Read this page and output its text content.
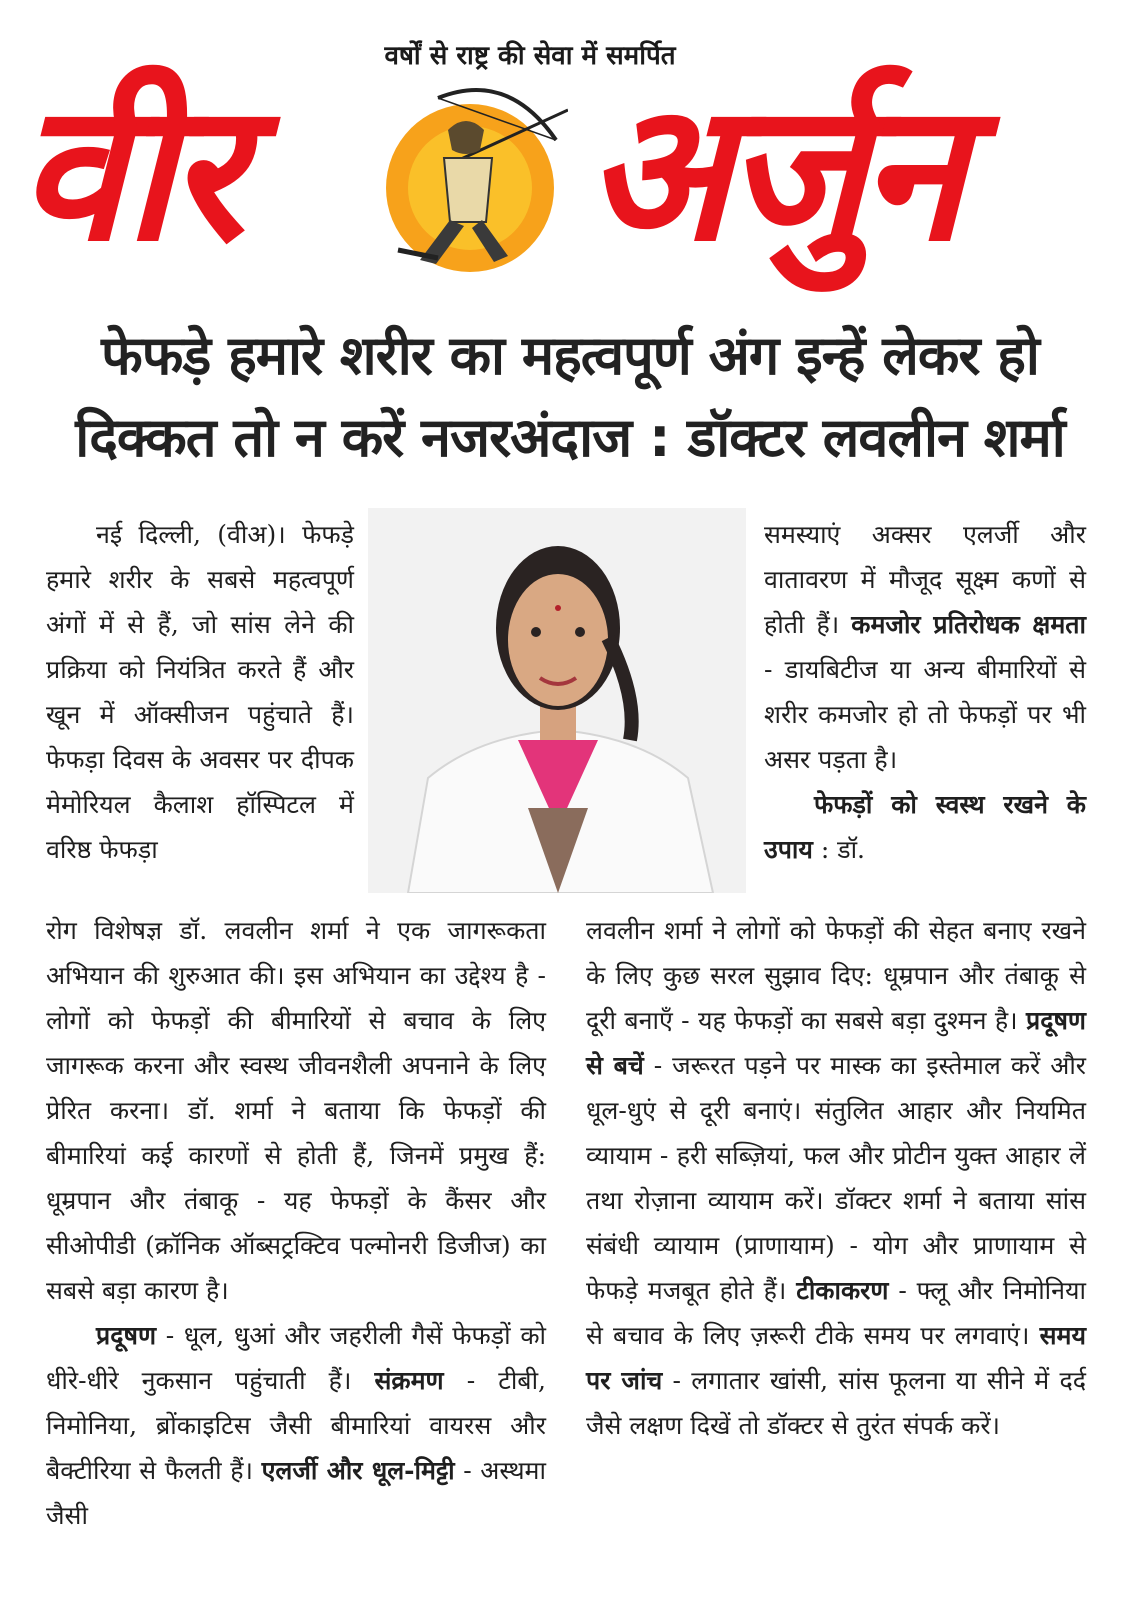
वर्षों से राष्ट्र की सेवा में समर्पित
वीर अर्जुन
फेफड़े हमारे शरीर का महत्वपूर्ण अंग इन्हें लेकर हो
दिक्कत तो न करें नजरअंदाज : डॉक्टर लवलीन शर्मा

नई दिल्ली, (वीअ)। फेफड़े हमारे शरीर के सबसे महत्वपूर्ण अंगों में से हैं, जो सांस लेने की प्रक्रिया को नियंत्रित करते हैं और खून में ऑक्सीजन पहुंचाते हैं। फेफड़ा दिवस के अवसर पर दीपक मेमोरियल कैलाश हॉस्पिटल में वरिष्ठ फेफड़ा

समस्याएं अक्सर एलर्जी और वातावरण में मौजूद सूक्ष्म कणों से होती हैं। कमजोर प्रतिरोधक क्षमता - डायबिटीज या अन्य बीमारियों से शरीर कमजोर हो तो फेफड़ों पर भी असर पड़ता है।

फेफड़ों को स्वस्थ रखने के उपाय : डॉ.

रोग विशेषज्ञ डॉ. लवलीन शर्मा ने एक जागरूकता अभियान की शुरुआत की। इस अभियान का उद्देश्य है - लोगों को फेफड़ों की बीमारियों से बचाव के लिए जागरूक करना और स्वस्थ जीवनशैली अपनाने के लिए प्रेरित करना। डॉ. शर्मा ने बताया कि फेफड़ों की बीमारियां कई कारणों से होती हैं, जिनमें प्रमुख हैं: धूम्रपान और तंबाकू - यह फेफड़ों के कैंसर और सीओपीडी (क्रॉनिक ऑब्सट्रक्टिव पल्मोनरी डिजीज) का सबसे बड़ा कारण है।

प्रदूषण - धूल, धुआं और जहरीली गैसें फेफड़ों को धीरे-धीरे नुकसान पहुंचाती हैं। संक्रमण - टीबी, निमोनिया, ब्रोंकाइटिस जैसी बीमारियां वायरस और बैक्टीरिया से फैलती हैं। एलर्जी और धूल-मिट्टी - अस्थमा जैसी

लवलीन शर्मा ने लोगों को फेफड़ों की सेहत बनाए रखने के लिए कुछ सरल सुझाव दिए: धूम्रपान और तंबाकू से दूरी बनाएँ - यह फेफड़ों का सबसे बड़ा दुश्मन है। प्रदूषण से बचें - जरूरत पड़ने पर मास्क का इस्तेमाल करें और धूल-धुएं से दूरी बनाएं। संतुलित आहार और नियमित व्यायाम - हरी सब्ज़ियां, फल और प्रोटीन युक्त आहार लें तथा रोज़ाना व्यायाम करें। डॉक्टर शर्मा ने बताया सांस संबंधी व्यायाम (प्राणायाम) - योग और प्राणायाम से फेफड़े मजबूत होते हैं। टीकाकरण - फ्लू और निमोनिया से बचाव के लिए ज़रूरी टीके समय पर लगवाएं। समय पर जांच - लगातार खांसी, सांस फूलना या सीने में दर्द जैसे लक्षण दिखें तो डॉक्टर से तुरंत संपर्क करें।
